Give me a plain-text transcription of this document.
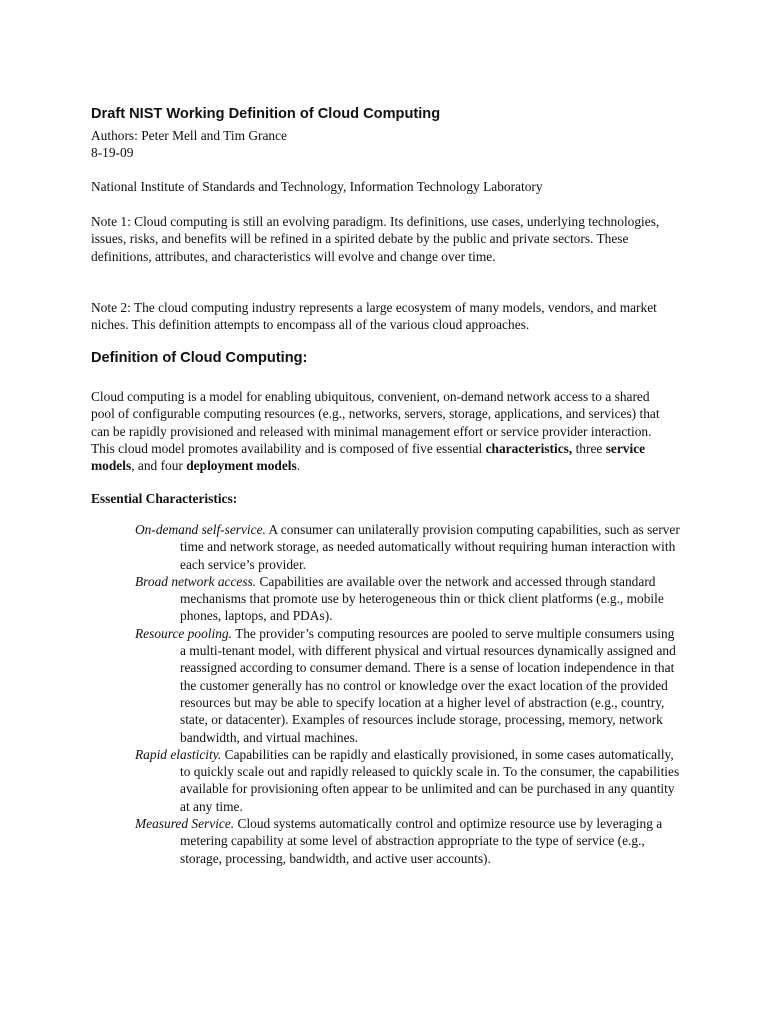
Draft NIST Working Definition of Cloud Computing

Authors: Peter Mell and Tim Grance

8-19-09

National Institute of Standards and Technology, Information Technology Laboratory

Note 1: Cloud computing is still an evolving paradigm. Its definitions, use cases, underlying technologies, issues, risks, and benefits will be refined in a spirited debate by the public and private sectors. These definitions, attributes, and characteristics will evolve and change over time.

Note 2: The cloud computing industry represents a large ecosystem of many models, vendors, and market niches. This definition attempts to encompass all of the various cloud approaches.

Definition of Cloud Computing:

Cloud computing is a model for enabling ubiquitous, convenient, on-demand network access to a shared pool of configurable computing resources (e.g., networks, servers, storage, applications, and services) that can be rapidly provisioned and released with minimal management effort or service provider interaction. This cloud model promotes availability and is composed of five essential characteristics, three service models, and four deployment models.

Essential Characteristics:
On-demand self-service. A consumer can unilaterally provision computing capabilities, such as server time and network storage, as needed automatically without requiring human interaction with each service’s provider.
Broad network access. Capabilities are available over the network and accessed through standard mechanisms that promote use by heterogeneous thin or thick client platforms (e.g., mobile phones, laptops, and PDAs).
Resource pooling. The provider’s computing resources are pooled to serve multiple consumers using a multi-tenant model, with different physical and virtual resources dynamically assigned and reassigned according to consumer demand. There is a sense of location independence in that the customer generally has no control or knowledge over the exact location of the provided resources but may be able to specify location at a higher level of abstraction (e.g., country, state, or datacenter). Examples of resources include storage, processing, memory, network bandwidth, and virtual machines.
Rapid elasticity. Capabilities can be rapidly and elastically provisioned, in some cases automatically, to quickly scale out and rapidly released to quickly scale in. To the consumer, the capabilities available for provisioning often appear to be unlimited and can be purchased in any quantity at any time.
Measured Service. Cloud systems automatically control and optimize resource use by leveraging a metering capability at some level of abstraction appropriate to the type of service (e.g., storage, processing, bandwidth, and active user accounts).
